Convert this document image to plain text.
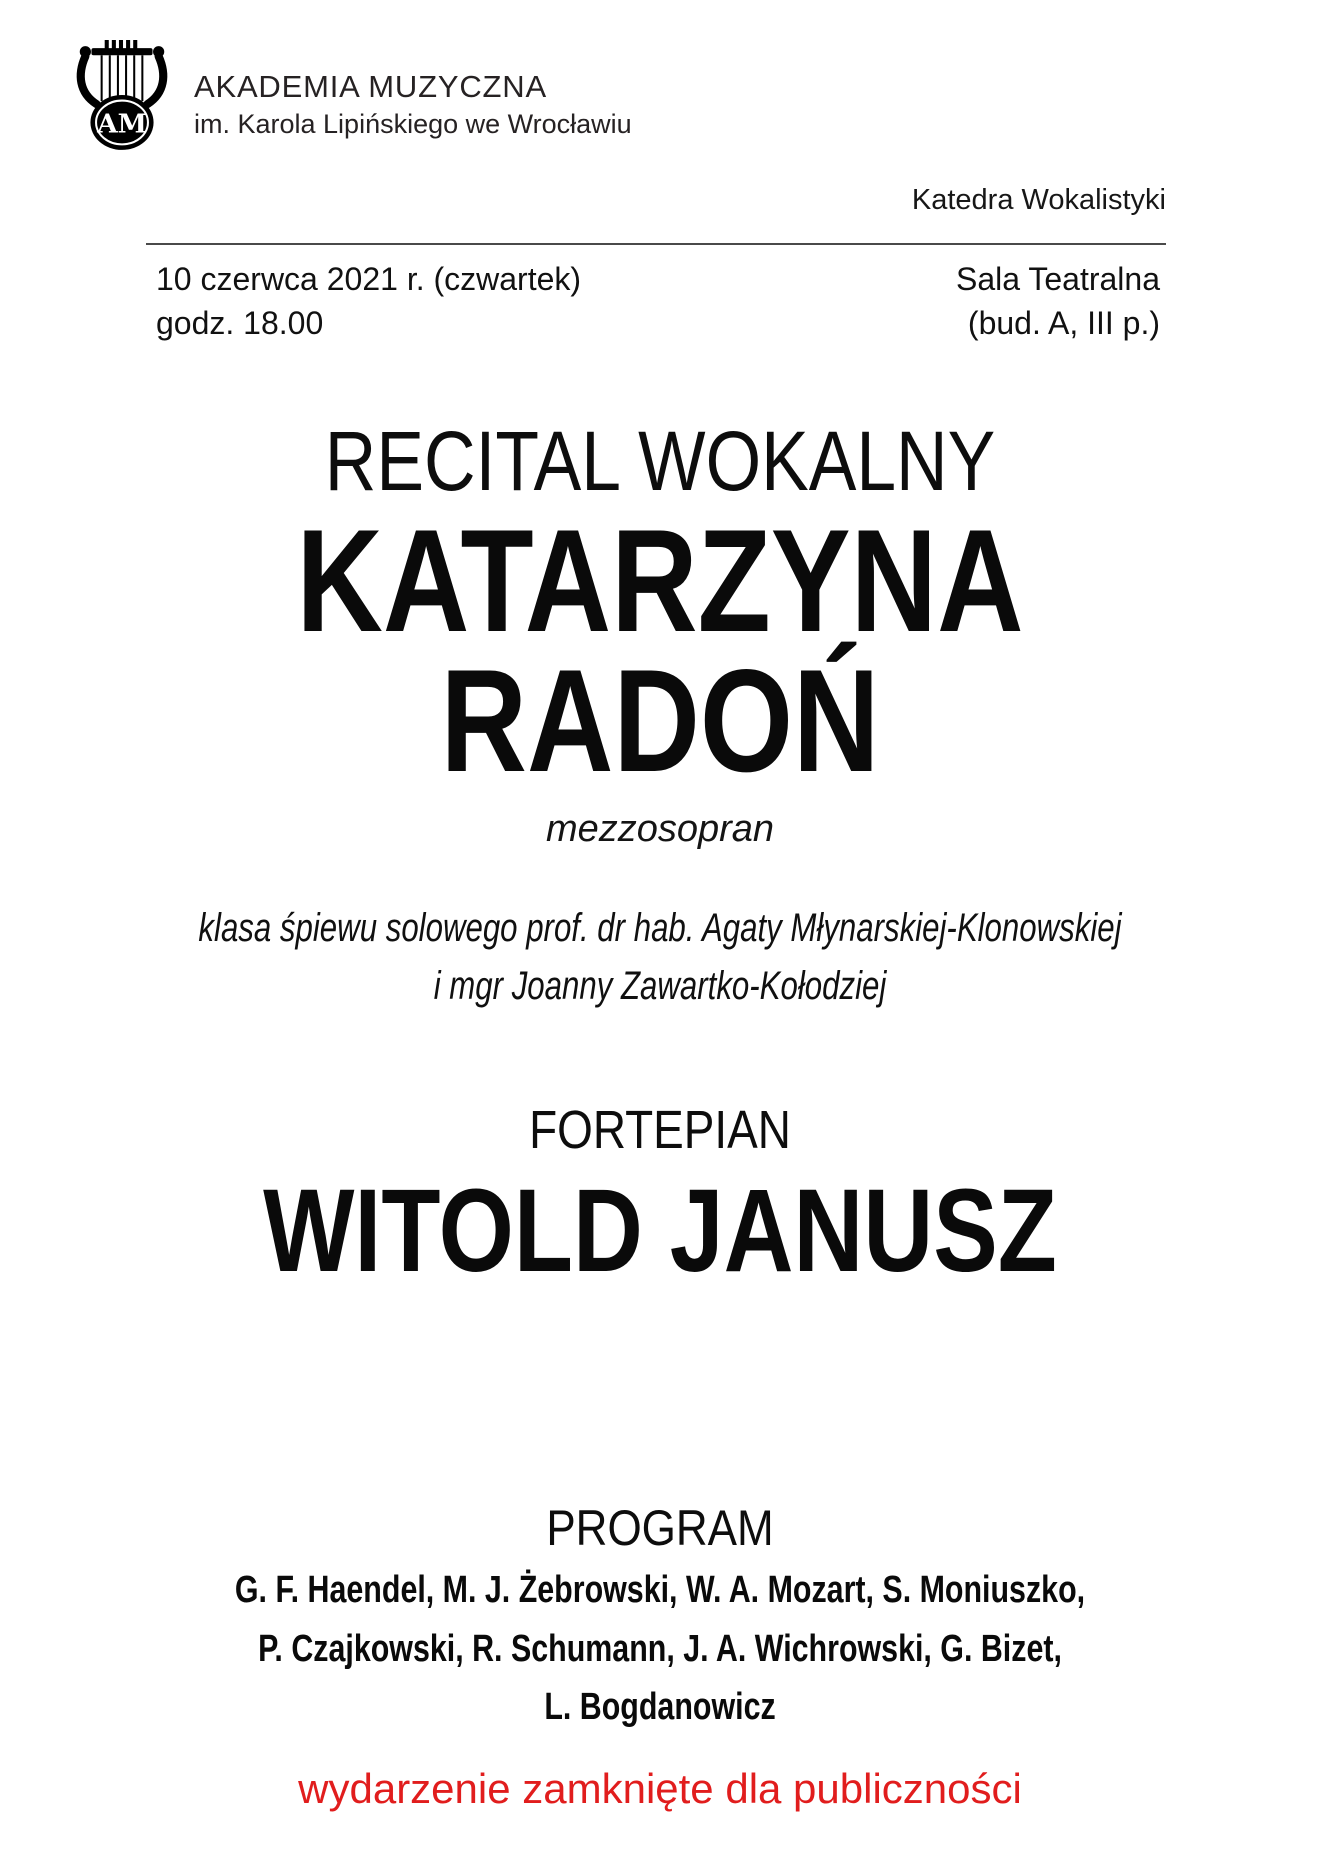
AM
AKADEMIA MUZYCZNA
im. Karola Lipińskiego we Wrocławiu
Katedra Wokalistyki
10 czerwca 2021 r. (czwartek)
godz. 18.00
Sala Teatralna
(bud. A, III p.)
RECITAL WOKALNY
KATARZYNA
RADOŃ
mezzosopran
klasa śpiewu solowego prof. dr hab. Agaty Młynarskiej-Klonowskiej
i mgr Joanny Zawartko-Kołodziej
FORTEPIAN
WITOLD JANUSZ
PROGRAM
G. F. Haendel, M. J. Żebrowski, W. A. Mozart, S. Moniuszko,
P. Czajkowski, R. Schumann, J. A. Wichrowski, G. Bizet,
L. Bogdanowicz
wydarzenie zamknięte dla publiczności
